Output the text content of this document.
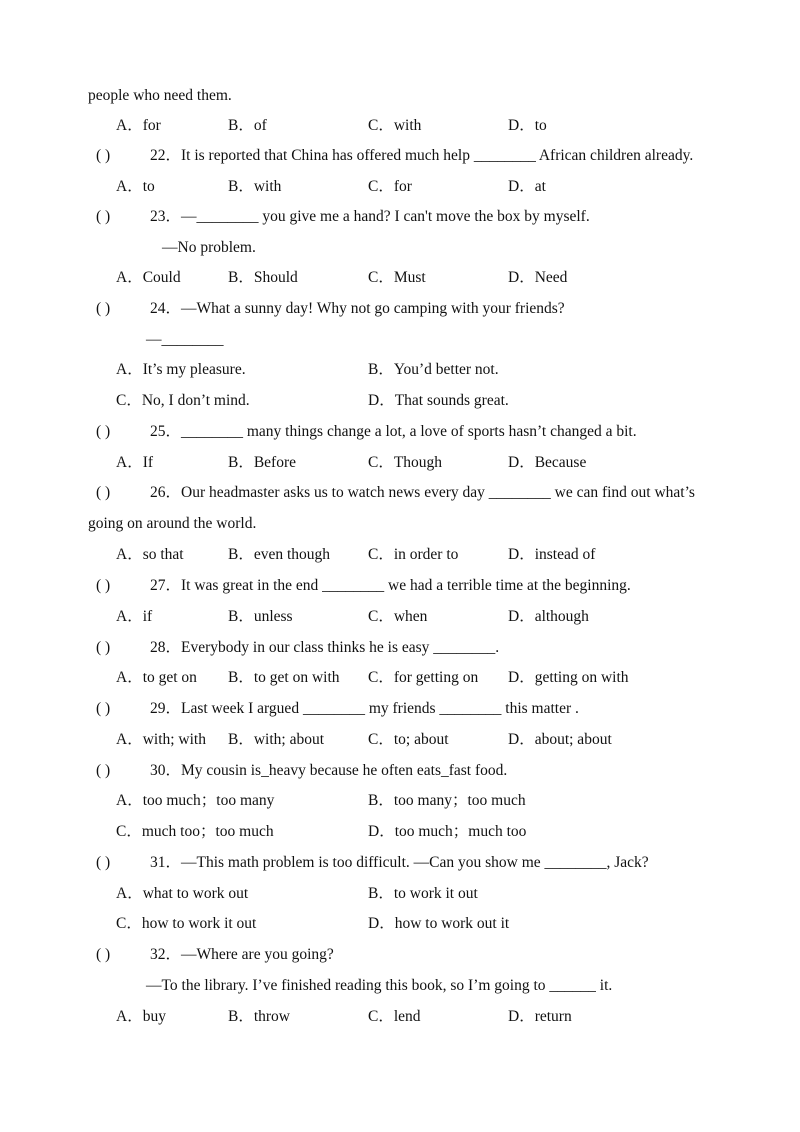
people who need them.
A．for	B．of	C．with	D．to
( )	22．It is reported that China has offered much help ________ African children already.
A．to	B．with	C．for	D．at
( )	23．—________ you give me a hand? I can't move the box by myself.
—No problem.
A．Could	B．Should	C．Must	D．Need
( )	24．—What a sunny day! Why not go camping with your friends?
—________
A．It’s my pleasure.	B．You’d better not.
C．No, I don’t mind.	D．That sounds great.
( )	25．________ many things change a lot, a love of sports hasn’t changed a bit.
A．If	B．Before	C．Though	D．Because
( )	26．Our headmaster asks us to watch news every day ________ we can find out what’s
going on around the world.
A．so that	B．even though C．in order to	D．instead of
( )	27．It was great in the end ________ we had a terrible time at the beginning.
A．if	B．unless	C．when	D．although
( )	28．Everybody in our class thinks he is easy ________.
A．to get on B．to get on with C．for getting on D．getting on with
( )	29．Last week I argued ________ my friends ________ this matter .
A．with; with B．with; about	C．to; about	D．about; about
( )	30．My cousin is_heavy because he often eats_fast food.
A．too much；too many	B．too many；too much
C．much too；too much	D．too much；much too
( )	31．—This math problem is too difficult. —Can you show me ________, Jack?
A．what to work out	B．to work it out
C．how to work it out	D．how to work out it
( )	32．—Where are you going?
—To the library. I’ve finished reading this book, so I’m going to ______ it.
A．buy	B．throw	C．lend	D．return
